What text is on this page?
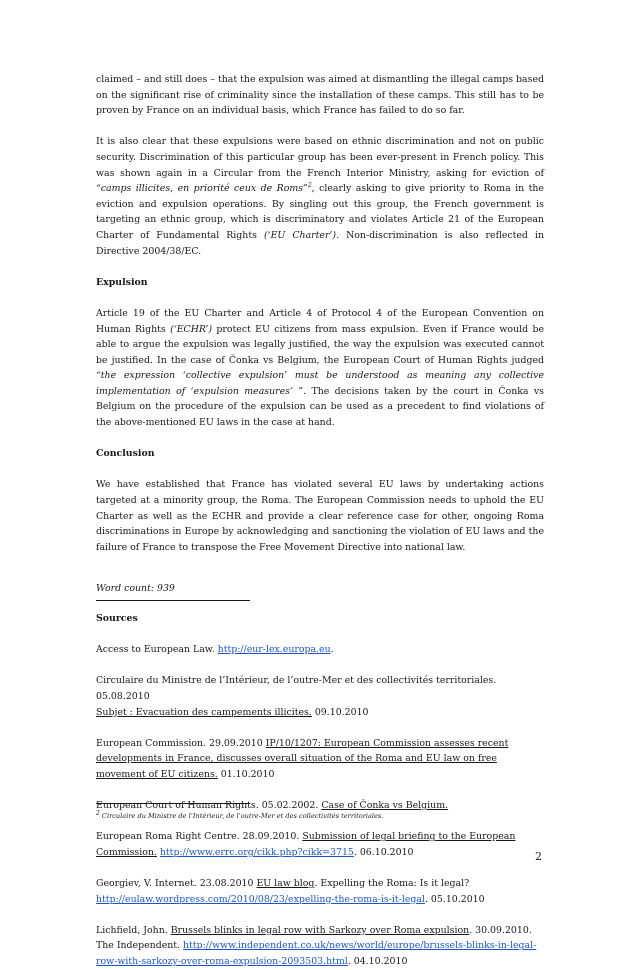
claimed – and still does – that the expulsion was aimed at dismantling the illegal camps based on the significant rise of criminality since the installation of these camps. This still has to be proven by France on an individual basis, which France has failed to do so far.

It is also clear that these expulsions were based on ethnic discrimination and not on public security. Discrimination of this particular group has been ever-present in French policy. This was shown again in a Circular from the French Interior Ministry, asking for eviction of “camps illicites, en priorité ceux de Roms”$^2$, clearly asking to give priority to Roma in the eviction and expulsion operations. By singling out this group, the French government is targeting an ethnic group, which is discriminatory and violates Article 21 of the European Charter of Fundamental Rights (‘EU Charter’). Non-discrimination is also reflected in Directive 2004/38/EC.

Expulsion

Article 19 of the EU Charter and Article 4 of Protocol 4 of the European Convention on Human Rights (‘ECHR’) protect EU citizens from mass expulsion. Even if France would be able to argue the expulsion was legally justified, the way the expulsion was executed cannot be justified. In the case of Čonka vs Belgium, the European Court of Human Rights judged “the expression ‘collective expulsion’ must be understood as meaning any collective implementation of ‘expulsion measures’ ”. The decisions taken by the court in Čonka vs Belgium on the procedure of the expulsion can be used as a precedent to find violations of the above-mentioned EU laws in the case at hand.

Conclusion

We have established that France has violated several EU laws by undertaking actions targeted at a minority group, the Roma. The European Commission needs to uphold the EU Charter as well as the ECHR and provide a clear reference case for other, ongoing Roma discriminations in Europe by acknowledging and sanctioning the violation of EU laws and the failure of France to transpose the Free Movement Directive into national law.

Word count: 939

Sources

Access to European Law. http://eur-lex.europa.eu.

Circulaire du Ministre de l’Intérieur, de l’outre-Mer et des collectivités territoriales. 05.08.2010
Subjet : Evacuation des campements illicites. 09.10.2010

European Commission. 29.09.2010 IP/10/1207: European Commission assesses recent developments in France, discusses overall situation of the Roma and EU law on free movement of EU citizens. 01.10.2010

European Court of Human Rights. 05.02.2002. Case of Čonka vs Belgium.

European Roma Right Centre. 28.09.2010. Submission of legal briefing to the European Commission. http://www.errc.org/cikk.php?cikk=3715. 06.10.2010

Georgiev, V. Internet. 23.08.2010 EU law blog. Expelling the Roma: Is it legal? http://eulaw.wordpress.com/2010/08/23/expelling-the-roma-is-it-legal. 05.10.2010

Lichfield, John. Brussels blinks in legal row with Sarkozy over Roma expulsion. 30.09.2010. The Independent. http://www.independent.co.uk/news/world/europe/brussels-blinks-in-legal-row-with-sarkozy-over-roma-expulsion-2093503.html. 04.10.2010

$^2$ Circulaire du Ministre de l’Intérieur, de l’outre-Mer et des collectivités territoriales.

2
